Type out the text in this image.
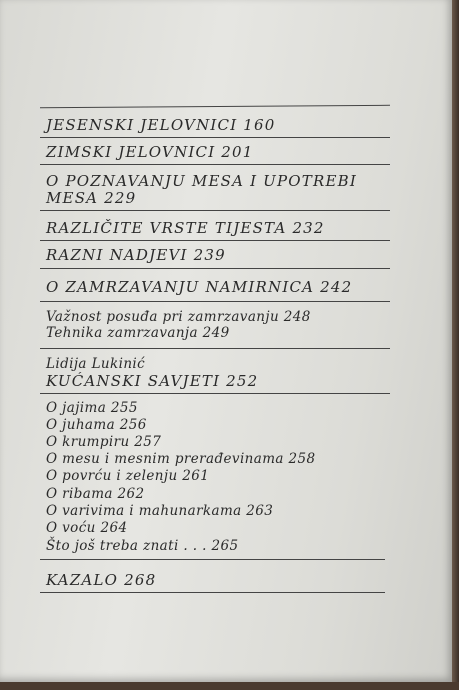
JESENSKI JELOVNICI 160
ZIMSKI JELOVNICI 201
O POZNAVANJU MESA I UPOTREBI
MESA 229
RAZLIČITE VRSTE TIJESTA 232
RAZNI NADJEVI 239
O ZAMRZAVANJU NAMIRNICA 242
Važnost posuđa pri zamrzavanju 248
Tehnika zamrzavanja 249
Lidija Lukinić
KUĆANSKI SAVJETI 252
O jajima 255
O juhama 256
O krumpiru 257
O mesu i mesnim prerađevinama 258
O povrću i zelenju 261
O ribama 262
O varivima i mahunarkama 263
O voću 264
Što još treba znati . . . 265
KAZALO 268
